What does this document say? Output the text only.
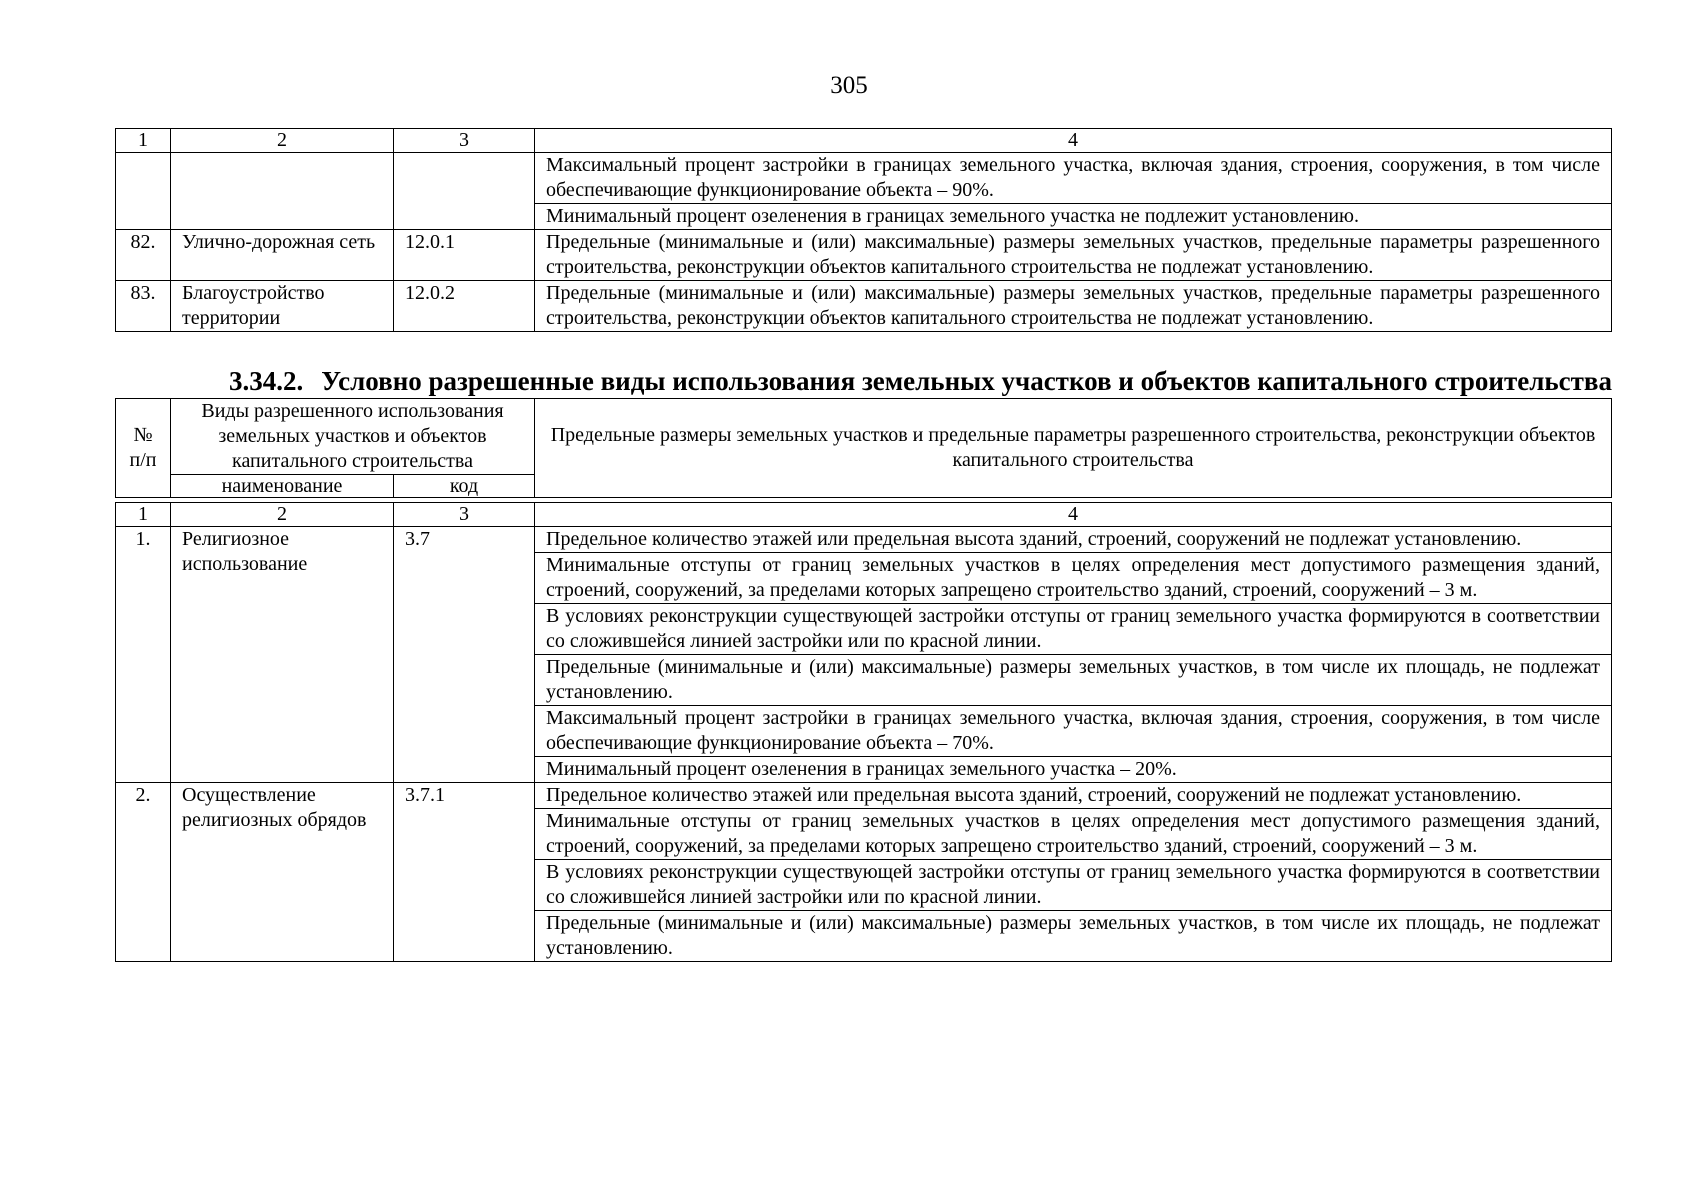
305
1	2	3	4
			Максимальный процент застройки в границах земельного участка, включая здания, строения, сооружения, в том числе обеспечивающие функционирование объекта – 90%.
			Минимальный процент озеленения в границах земельного участка не подлежит установлению.
82.	Улично-дорожная сеть	12.0.1	Предельные (минимальные и (или) максимальные) размеры земельных участков, предельные параметры разрешенного строительства, реконструкции объектов капитального строительства не подлежат установлению.
83.	Благоустройство территории	12.0.2	Предельные (минимальные и (или) максимальные) размеры земельных участков, предельные параметры разрешенного строительства, реконструкции объектов капитального строительства не подлежат установлению.
3.34.2. Условно разрешенные виды использования земельных участков и объектов капитального строительства
№ п/п	Виды разрешенного использования земельных участков и объектов капитального строительства		Предельные размеры земельных участков и предельные параметры разрешенного строительства, реконструкции объектов капитального строительства
	наименование	код	
1	2	3	4
1.	Религиозное использование	3.7	Предельное количество этажей или предельная высота зданий, строений, сооружений не подлежат установлению.
			Минимальные отступы от границ земельных участков в целях определения мест допустимого размещения зданий, строений, сооружений, за пределами которых запрещено строительство зданий, строений, сооружений – 3 м.
			В условиях реконструкции существующей застройки отступы от границ земельного участка формируются в соответствии со сложившейся линией застройки или по красной линии.
			Предельные (минимальные и (или) максимальные) размеры земельных участков, в том числе их площадь, не подлежат установлению.
			Максимальный процент застройки в границах земельного участка, включая здания, строения, сооружения, в том числе обеспечивающие функционирование объекта – 70%.
			Минимальный процент озеленения в границах земельного участка – 20%.
2.	Осуществление религиозных обрядов	3.7.1	Предельное количество этажей или предельная высота зданий, строений, сооружений не подлежат установлению.
			Минимальные отступы от границ земельных участков в целях определения мест допустимого размещения зданий, строений, сооружений, за пределами которых запрещено строительство зданий, строений, сооружений – 3 м.
			В условиях реконструкции существующей застройки отступы от границ земельного участка формируются в соответствии со сложившейся линией застройки или по красной линии.
			Предельные (минимальные и (или) максимальные) размеры земельных участков, в том числе их площадь, не подлежат установлению.
